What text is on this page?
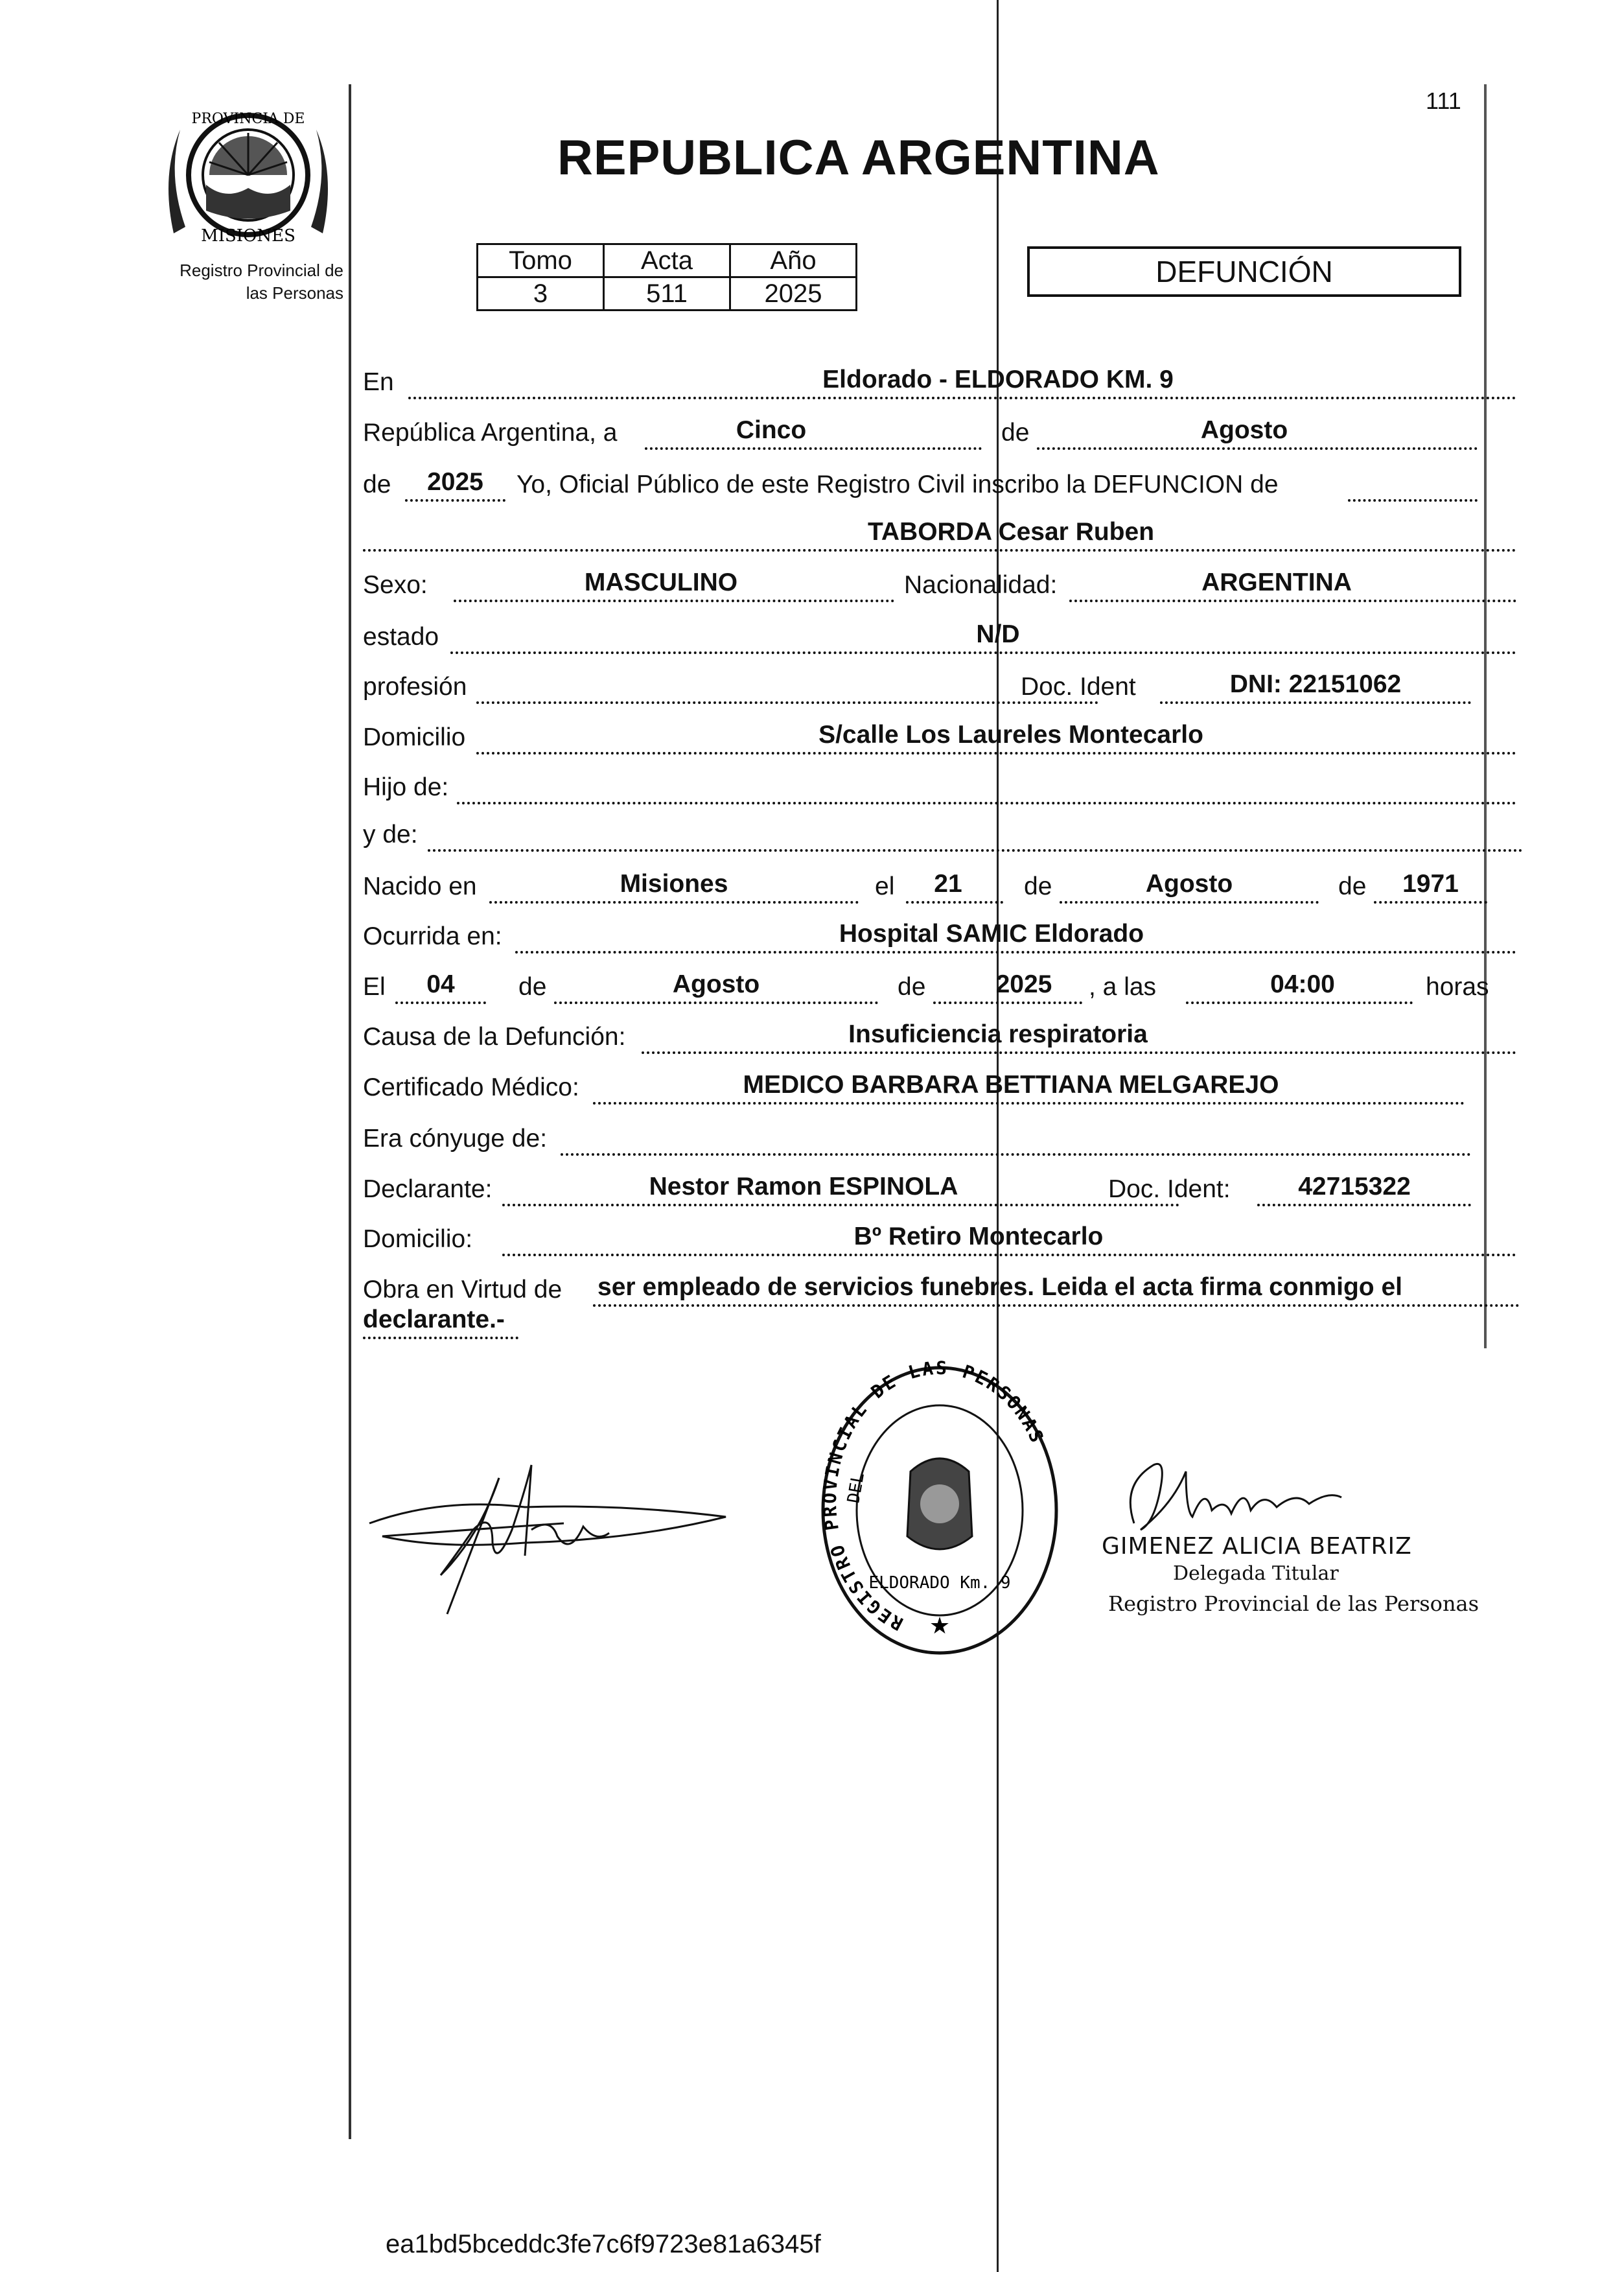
PROVINCIA DE
MISIONES
Registro Provincial de
las Personas
111
REPUBLICA ARGENTINA
Tomo	Acta	Año
3	511	2025
DEFUNCIÓN
En	Eldorado - ELDORADO KM. 9
República Argentina, a	Cinco	de	Agosto
de	2025	Yo, Oficial Público de este Registro Civil inscribo la DEFUNCION de
TABORDA Cesar Ruben
Sexo:	MASCULINO	Nacionalidad:	ARGENTINA
estado	N/D
profesión	Doc. Ident	DNI: 22151062
Domicilio	S/calle Los Laureles Montecarlo
Hijo de:
y de:
Nacido en	Misiones	el	21	de	Agosto	de	1971
Ocurrida en:	Hospital SAMIC Eldorado
El	04	de	Agosto	de	2025	, a las	04:00	horas
Causa de la Defunción:	Insuficiencia respiratoria
Certificado Médico:	MEDICO BARBARA BETTIANA MELGAREJO
Era cónyuge de:
Declarante:	Nestor Ramon ESPINOLA	Doc. Ident:	42715322
Domicilio:	Bº Retiro Montecarlo
Obra en Virtud de ser empleado de servicios funebres. Leida el acta firma conmigo el
declarante.-
REGISTRO PROVINCIAL DE LAS PERSONAS
DEL
ELDORADO Km. 9
★
GIMENEZ ALICIA BEATRIZ
Delegada Titular
Registro Provincial de las Personas
ea1bd5bceddc3fe7c6f9723e81a6345f
